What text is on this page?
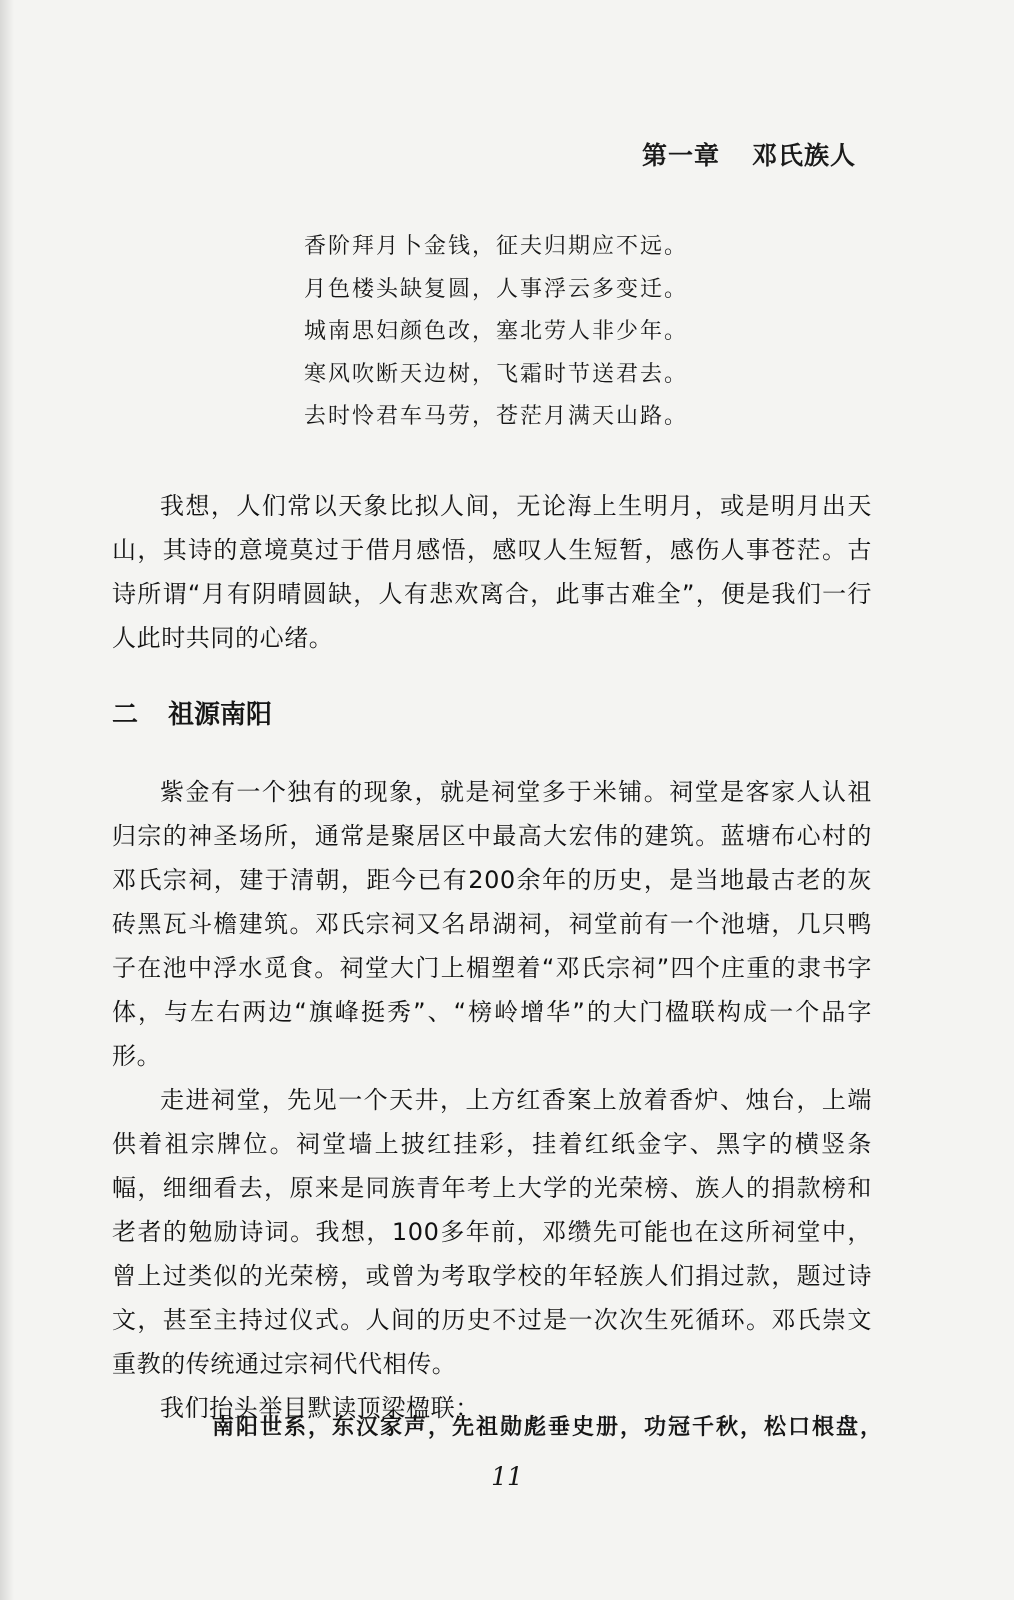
第一章 邓氏族人
香阶拜月卜金钱，征夫归期应不远。
月色楼头缺复圆，人事浮云多变迁。
城南思妇颜色改，塞北劳人非少年。
寒风吹断天边树，飞霜时节送君去。
去时怜君车马劳，苍茫月满天山路。

我想，人们常以天象比拟人间，无论海上生明月，或是明月出天山，其诗的意境莫过于借月感悟，感叹人生短暂，感伤人事苍茫。古诗所谓“月有阴晴圆缺，人有悲欢离合，此事古难全”，便是我们一行人此时共同的心绪。

二 祖源南阳

紫金有一个独有的现象，就是祠堂多于米铺。祠堂是客家人认祖归宗的神圣场所，通常是聚居区中最高大宏伟的建筑。蓝塘布心村的邓氏宗祠，建于清朝，距今已有200余年的历史，是当地最古老的灰砖黑瓦斗檐建筑。邓氏宗祠又名昂湖祠，祠堂前有一个池塘，几只鸭子在池中浮水觅食。祠堂大门上楣塑着“邓氏宗祠”四个庄重的隶书字体，与左右两边“旗峰挺秀”、“榜岭增华”的大门楹联构成一个品字形。

走进祠堂，先见一个天井，上方红香案上放着香炉、烛台，上端供着祖宗牌位。祠堂墙上披红挂彩，挂着红纸金字、黑字的横竖条幅，细细看去，原来是同族青年考上大学的光荣榜、族人的捐款榜和老者的勉励诗词。我想，100多年前，邓缵先可能也在这所祠堂中，曾上过类似的光荣榜，或曾为考取学校的年轻族人们捐过款，题过诗文，甚至主持过仪式。人间的历史不过是一次次生死循环。邓氏崇文重教的传统通过宗祠代代相传。

我们抬头举目默读顶梁楹联：

南阳世系，东汉家声，先祖勋彪垂史册，功冠千秋，松口根盘，
11
